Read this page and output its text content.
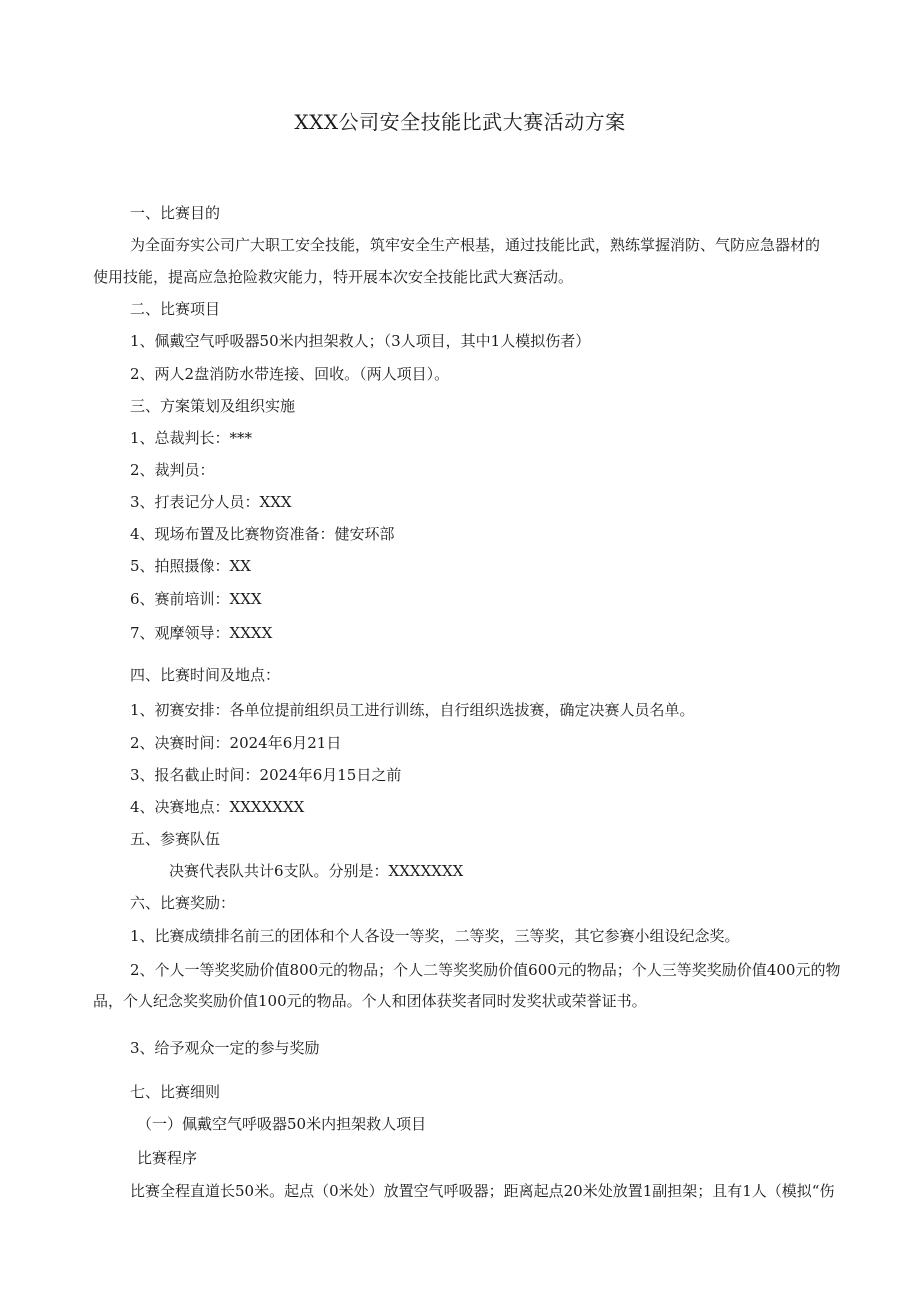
XXX公司安全技能比武大赛活动方案
一、比赛目的
为全面夯实公司广大职工安全技能，筑牢安全生产根基，通过技能比武，熟练掌握消防、气防应急器材的
使用技能，提高应急抢险救灾能力，特开展本次安全技能比武大赛活动。
二、比赛项目
1、佩戴空气呼吸器50米内担架救人；（3人项目，其中1人模拟伤者）
2、两人2盘消防水带连接、回收。（两人项目）。
三、方案策划及组织实施
1、总裁判长：***
2、裁判员：
3、打表记分人员：XXX
4、现场布置及比赛物资准备：健安环部
5、拍照摄像：XX
6、赛前培训：XXX
7、观摩领导：XXXX
四、比赛时间及地点：
1、初赛安排：各单位提前组织员工进行训练，自行组织选拔赛，确定决赛人员名单。
2、决赛时间：2024年6月21日
3、报名截止时间：2024年6月15日之前
4、决赛地点：XXXXXXX
五、参赛队伍
决赛代表队共计6支队。分别是：XXXXXXX
六、比赛奖励：
1、比赛成绩排名前三的团体和个人各设一等奖，二等奖，三等奖，其它参赛小组设纪念奖。
2、个人一等奖奖励价值800元的物品；个人二等奖奖励价值600元的物品；个人三等奖奖励价值400元的物
品，个人纪念奖奖励价值100元的物品。个人和团体获奖者同时发奖状或荣誉证书。
3、给予观众一定的参与奖励
七、比赛细则
（一）佩戴空气呼吸器50米内担架救人项目
比赛程序
比赛全程直道长50米。起点（0米处）放置空气呼吸器；距离起点20米处放置1副担架；且有1人（模拟“伤
